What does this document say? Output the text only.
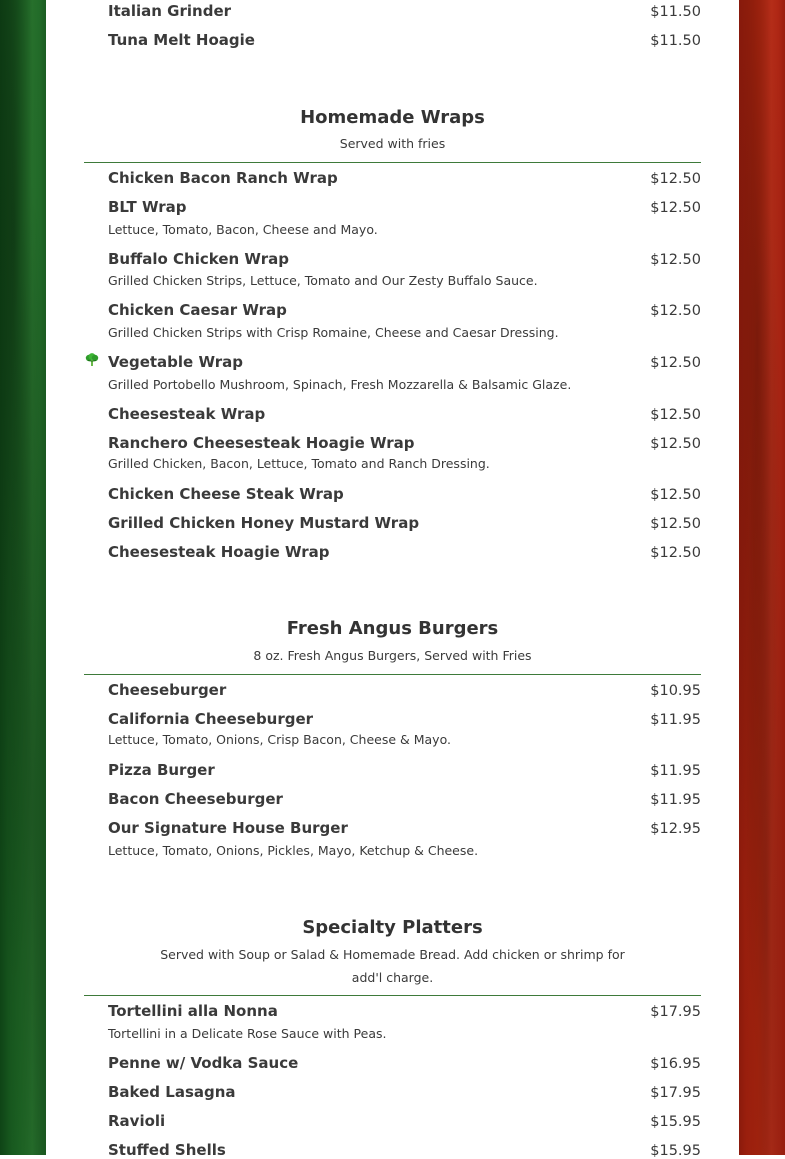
Italian Grinder	$11.50
Tuna Melt Hoagie	$11.50
Homemade Wraps
Served with fries
Chicken Bacon Ranch Wrap	$12.50
BLT Wrap	$12.50
Lettuce, Tomato, Bacon, Cheese and Mayo.
Buffalo Chicken Wrap	$12.50
Grilled Chicken Strips, Lettuce, Tomato and Our Zesty Buffalo Sauce.
Chicken Caesar Wrap	$12.50
Grilled Chicken Strips with Crisp Romaine, Cheese and Caesar Dressing.
Vegetable Wrap	$12.50
Grilled Portobello Mushroom, Spinach, Fresh Mozzarella & Balsamic Glaze.
Cheesesteak Wrap	$12.50
Ranchero Cheesesteak Hoagie Wrap	$12.50
Grilled Chicken, Bacon, Lettuce, Tomato and Ranch Dressing.
Chicken Cheese Steak Wrap	$12.50
Grilled Chicken Honey Mustard Wrap	$12.50
Cheesesteak Hoagie Wrap	$12.50
Fresh Angus Burgers
8 oz. Fresh Angus Burgers, Served with Fries
Cheeseburger	$10.95
California Cheeseburger	$11.95
Lettuce, Tomato, Onions, Crisp Bacon, Cheese & Mayo.
Pizza Burger	$11.95
Bacon Cheeseburger	$11.95
Our Signature House Burger	$12.95
Lettuce, Tomato, Onions, Pickles, Mayo, Ketchup & Cheese.
Specialty Platters
Served with Soup or Salad & Homemade Bread. Add chicken or shrimp for
add'l charge.
Tortellini alla Nonna	$17.95
Tortellini in a Delicate Rose Sauce with Peas.
Penne w/ Vodka Sauce	$16.95
Baked Lasagna	$17.95
Ravioli	$15.95
Stuffed Shells	$15.95
